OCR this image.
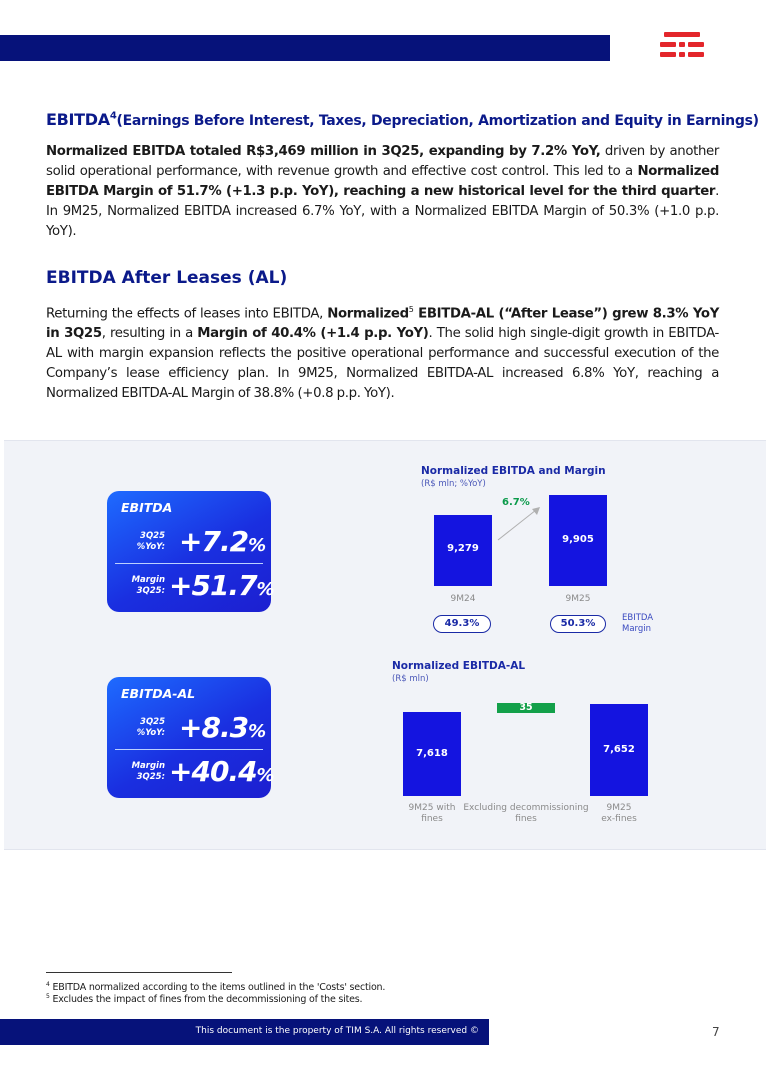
EBITDA$^4$(Earnings Before Interest, Taxes, Depreciation, Amortization and Equity in Earnings)

Normalized EBITDA totaled R$3,469 million in 3Q25, expanding by 7.2% YoY, driven by another solid operational performance, with revenue growth and effective cost control. This led to a Normalized EBITDA Margin of 51.7% (+1.3 p.p. YoY), reaching a new historical level for the third quarter. In 9M25, Normalized EBITDA increased 6.7% YoY, with a Normalized EBITDA Margin of 50.3% (+1.0 p.p. YoY).

EBITDA After Leases (AL)

Returning the effects of leases into EBITDA, Normalized$^5$ EBITDA-AL (“After Lease”) grew 8.3% YoY in 3Q25, resulting in a Margin of 40.4% (+1.4 p.p. YoY). The solid high single-digit growth in EBITDA-AL with margin expansion reflects the positive operational performance and successful execution of the Company’s lease efficiency plan. In 9M25, Normalized EBITDA-AL increased 6.8% YoY, reaching a Normalized EBITDA-AL Margin of 38.8% (+0.8 p.p. YoY).

EBITDA
3Q25
%YoY: +7.2%
Margin
3Q25: +51.7%
EBITDA-AL
3Q25
%YoY: +8.3%
Margin
3Q25: +40.4%
Normalized EBITDA and Margin
(R$ mln; %YoY)
6.7%
9,279
9,905
9M24	9M25
49.3%	50.3%	EBITDA
Margin
Normalized EBITDA-AL
(R$ mln)
35
7,618	7,652
9M25 with
fines
Excluding decommissioning
fines
9M25
ex-fines
$^4$ EBITDA normalized according to the items outlined in the 'Costs' section.
$^5$ Excludes the impact of fines from the decommissioning of the sites.
This document is the property of TIM S.A. All rights reserved ©	7
